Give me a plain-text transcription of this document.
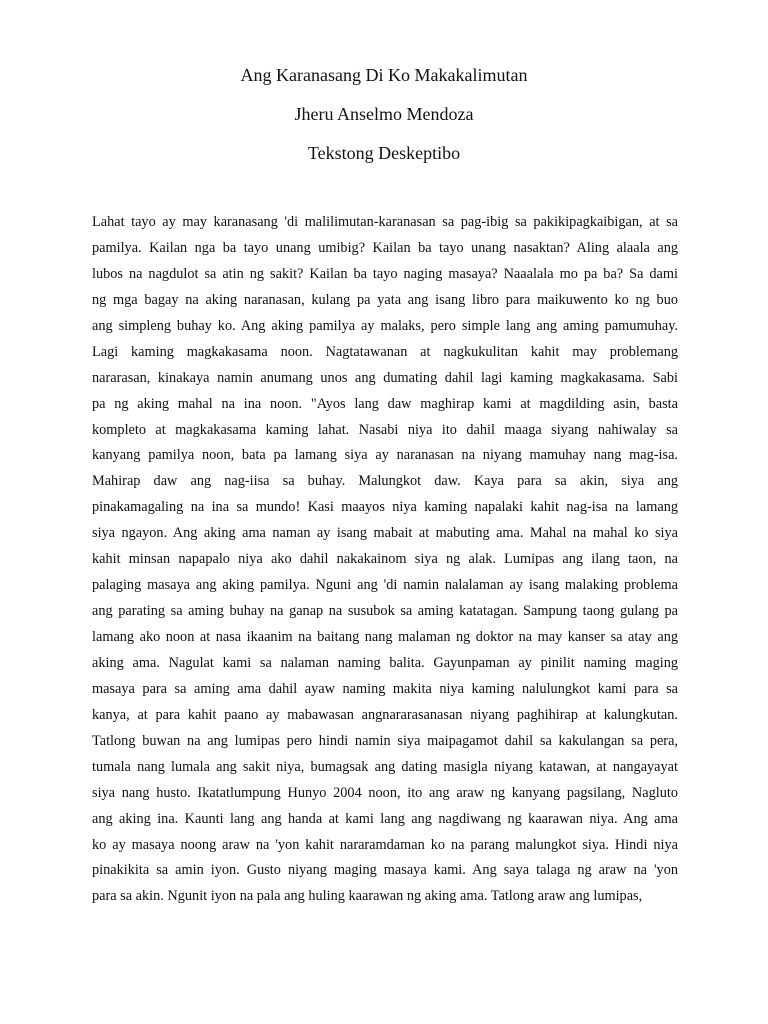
Ang Karanasang Di Ko Makakalimutan
Jheru Anselmo Mendoza
Tekstong Deskeptibo
Lahat tayo ay may karanasang 'di malilimutan-karanasan sa pag-ibig sa pakikipagkaibigan, at sa
pamilya. Kailan nga ba tayo unang umibig? Kailan ba tayo unang nasaktan? Aling alaala ang
lubos na nagdulot sa atin ng sakit? Kailan ba tayo naging masaya? Naaalala mo pa ba? Sa dami
ng mga bagay na aking naranasan, kulang pa yata ang isang libro para maikuwento ko ng buo
ang simpleng buhay ko. Ang aking pamilya ay malaks, pero simple lang ang aming pamumuhay.
Lagi kaming magkakasama noon. Nagtatawanan at nagkukulitan kahit may problemang
nararasan, kinakaya namin anumang unos ang dumating dahil lagi kaming magkakasama. Sabi
pa ng aking mahal na ina noon. "Ayos lang daw maghirap kami at magdilding asin, basta
kompleto at magkakasama kaming lahat. Nasabi niya ito dahil maaga siyang nahiwalay sa
kanyang pamilya noon, bata pa lamang siya ay naranasan na niyang mamuhay nang mag-isa.
Mahirap daw ang nag-iisa sa buhay. Malungkot daw. Kaya para sa akin, siya ang
pinakamagaling na ina sa mundo! Kasi maayos niya kaming napalaki kahit nag-isa na lamang
siya ngayon. Ang aking ama naman ay isang mabait at mabuting ama. Mahal na mahal ko siya
kahit minsan napapalo niya ako dahil nakakainom siya ng alak. Lumipas ang ilang taon, na
palaging masaya ang aking pamilya. Nguni ang 'di namin nalalaman ay isang malaking problema
ang parating sa aming buhay na ganap na susubok sa aming katatagan. Sampung taong gulang pa
lamang ako noon at nasa ikaanim na baitang nang malaman ng doktor na may kanser sa atay ang
aking ama. Nagulat kami sa nalaman naming balita. Gayunpaman ay pinilit naming maging
masaya para sa aming ama dahil ayaw naming makita niya kaming nalulungkot kami para sa
kanya, at para kahit paano ay mabawasan angnararasanasan niyang paghihirap at kalungkutan.
Tatlong buwan na ang lumipas pero hindi namin siya maipagamot dahil sa kakulangan sa pera,
tumala nang lumala ang sakit niya, bumagsak ang dating masigla niyang katawan, at nangayayat
siya nang husto. Ikatatlumpung Hunyo 2004 noon, ito ang araw ng kanyang pagsilang, Nagluto
ang aking ina. Kaunti lang ang handa at kami lang ang nagdiwang ng kaarawan niya. Ang ama
ko ay masaya noong araw na 'yon kahit nararamdaman ko na parang malungkot siya. Hindi niya
pinakikita sa amin iyon. Gusto niyang maging masaya kami. Ang saya talaga ng araw na 'yon
para sa akin. Ngunit iyon na pala ang huling kaarawan ng aking ama. Tatlong araw ang lumipas,
